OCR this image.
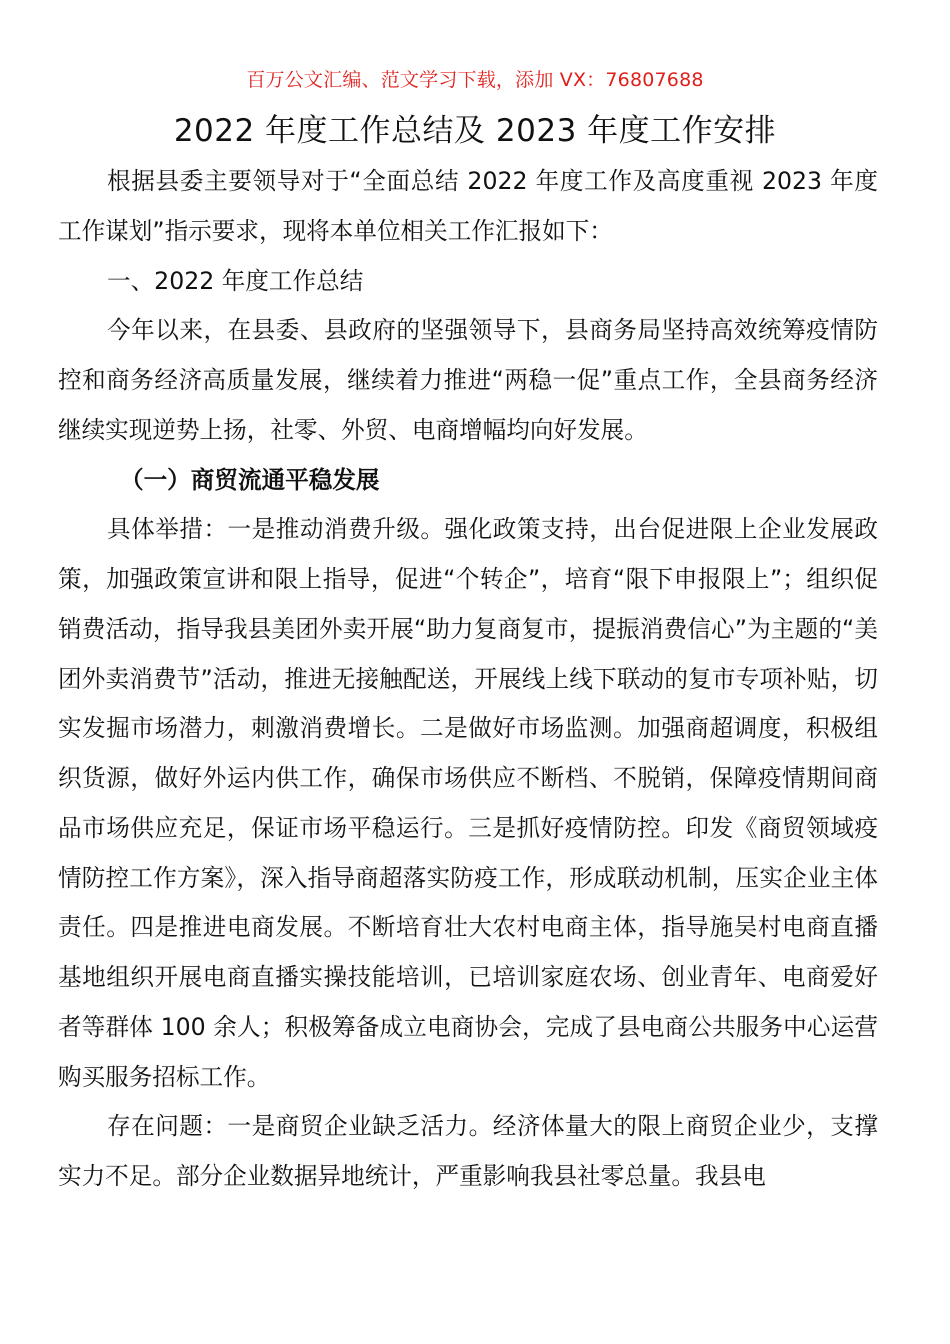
百万公文汇编、范文学习下载，添加 VX：76807688
2022 年度工作总结及 2023 年度工作安排

根据县委主要领导对于“全面总结 2022 年度工作及高度重视 2023 年度工作谋划”指示要求，现将本单位相关工作汇报如下：

一、2022 年度工作总结

今年以来，在县委、县政府的坚强领导下，县商务局坚持高效统筹疫情防控和商务经济高质量发展，继续着力推进“两稳一促”重点工作，全县商务经济继续实现逆势上扬，社零、外贸、电商增幅均向好发展。

（一）商贸流通平稳发展

具体举措：一是推动消费升级。强化政策支持，出台促进限上企业发展政策，加强政策宣讲和限上指导，促进“个转企”，培育“限下申报限上”；组织促销费活动，指导我县美团外卖开展“助力复商复市，提振消费信心”为主题的“美团外卖消费节”活动，推进无接触配送，开展线上线下联动的复市专项补贴，切实发掘市场潜力，刺激消费增长。二是做好市场监测。加强商超调度，积极组织货源，做好外运内供工作，确保市场供应不断档、不脱销，保障疫情期间商品市场供应充足，保证市场平稳运行。三是抓好疫情防控。印发《商贸领域疫情防控工作方案》，深入指导商超落实防疫工作，形成联动机制，压实企业主体责任。四是推进电商发展。不断培育壮大农村电商主体，指导施吴村电商直播基地组织开展电商直播实操技能培训，已培训家庭农场、创业青年、电商爱好者等群体 100 余人；积极筹备成立电商协会，完成了县电商公共服务中心运营购买服务招标工作。

存在问题：一是商贸企业缺乏活力。经济体量大的限上商贸企业少，支撑实力不足。部分企业数据异地统计，严重影响我县社零总量。我县电
